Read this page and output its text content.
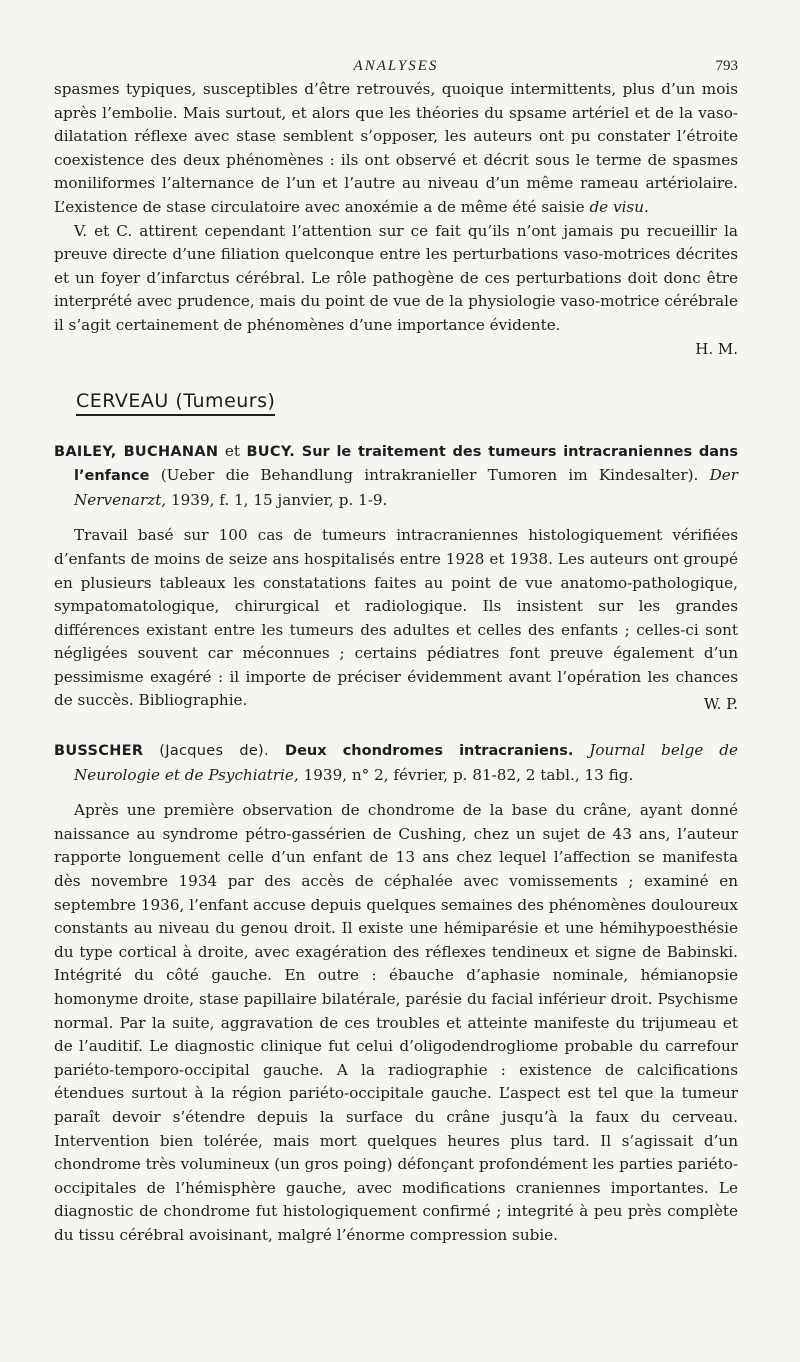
ANALYSES	793

spasmes typiques, susceptibles d’être retrouvés, quoique intermittents, plus d’un mois après l’embolie. Mais surtout, et alors que les théories du spsame artériel et de la vaso-dilatation réflexe avec stase semblent s’opposer, les auteurs ont pu constater l’étroite coexistence des deux phénomènes : ils ont observé et décrit sous le terme de spasmes moniliformes l’alternance de l’un et l’autre au niveau d’un même rameau artériolaire. L’existence de stase circulatoire avec anoxémie a de même été saisie de visu.

V. et C. attirent cependant l’attention sur ce fait qu’ils n’ont jamais pu recueillir la preuve directe d’une filiation quelconque entre les perturbations vaso-motrices décrites et un foyer d’infarctus cérébral. Le rôle pathogène de ces perturbations doit donc être interprété avec prudence, mais du point de vue de la physiologie vaso-motrice cérébrale il s’agit certainement de phénomènes d’une importance évidente.

H. M.

CERVEAU (Tumeurs)

BAILEY, BUCHANAN et BUCY. Sur le traitement des tumeurs intracraniennes dans l’enfance (Ueber die Behandlung intrakranieller Tumoren im Kindesalter). Der Nervenarzt, 1939, f. 1, 15 janvier, p. 1-9.

Travail basé sur 100 cas de tumeurs intracraniennes histologiquement vérifiées d’enfants de moins de seize ans hospitalisés entre 1928 et 1938. Les auteurs ont groupé en plusieurs tableaux les constatations faites au point de vue anatomo-pathologique, sympatomatologique, chirurgical et radiologique. Ils insistent sur les grandes différences existant entre les tumeurs des adultes et celles des enfants ; celles-ci sont négligées souvent car méconnues ; certains pédiatres font preuve également d’un pessimisme exagéré : il importe de préciser évidemment avant l’opération les chances de succès. Bibliographie.	W. P.

BUSSCHER (Jacques de). Deux chondromes intracraniens. Journal belge de Neurologie et de Psychiatrie, 1939, n° 2, février, p. 81-82, 2 tabl., 13 fig.

Après une première observation de chondrome de la base du crâne, ayant donné naissance au syndrome pétro-gassérien de Cushing, chez un sujet de 43 ans, l’auteur rapporte longuement celle d’un enfant de 13 ans chez lequel l’affection se manifesta dès novembre 1934 par des accès de céphalée avec vomissements ; examiné en septembre 1936, l’enfant accuse depuis quelques semaines des phénomènes douloureux constants au niveau du genou droit. Il existe une hémiparésie et une hémihypoesthésie du type cortical à droite, avec exagération des réflexes tendineux et signe de Babinski. Intégrité du côté gauche. En outre : ébauche d’aphasie nominale, hémianopsie homonyme droite, stase papillaire bilatérale, parésie du facial inférieur droit. Psychisme normal. Par la suite, aggravation de ces troubles et atteinte manifeste du trijumeau et de l’auditif. Le diagnostic clinique fut celui d’oligodendrogliome probable du carrefour pariéto-temporo-occipital gauche. A la radiographie : existence de calcifications étendues surtout à la région pariéto-occipitale gauche. L’aspect est tel que la tumeur paraît devoir s’étendre depuis la surface du crâne jusqu’à la faux du cerveau. Intervention bien tolérée, mais mort quelques heures plus tard. Il s’agissait d’un chondrome très volumineux (un gros poing) défonçant profondément les parties pariéto-occipitales de l’hémisphère gauche, avec modifications craniennes importantes. Le diagnostic de chondrome fut histologiquement confirmé ; integrité à peu près complète du tissu cérébral avoisinant, malgré l’énorme compression subie.
